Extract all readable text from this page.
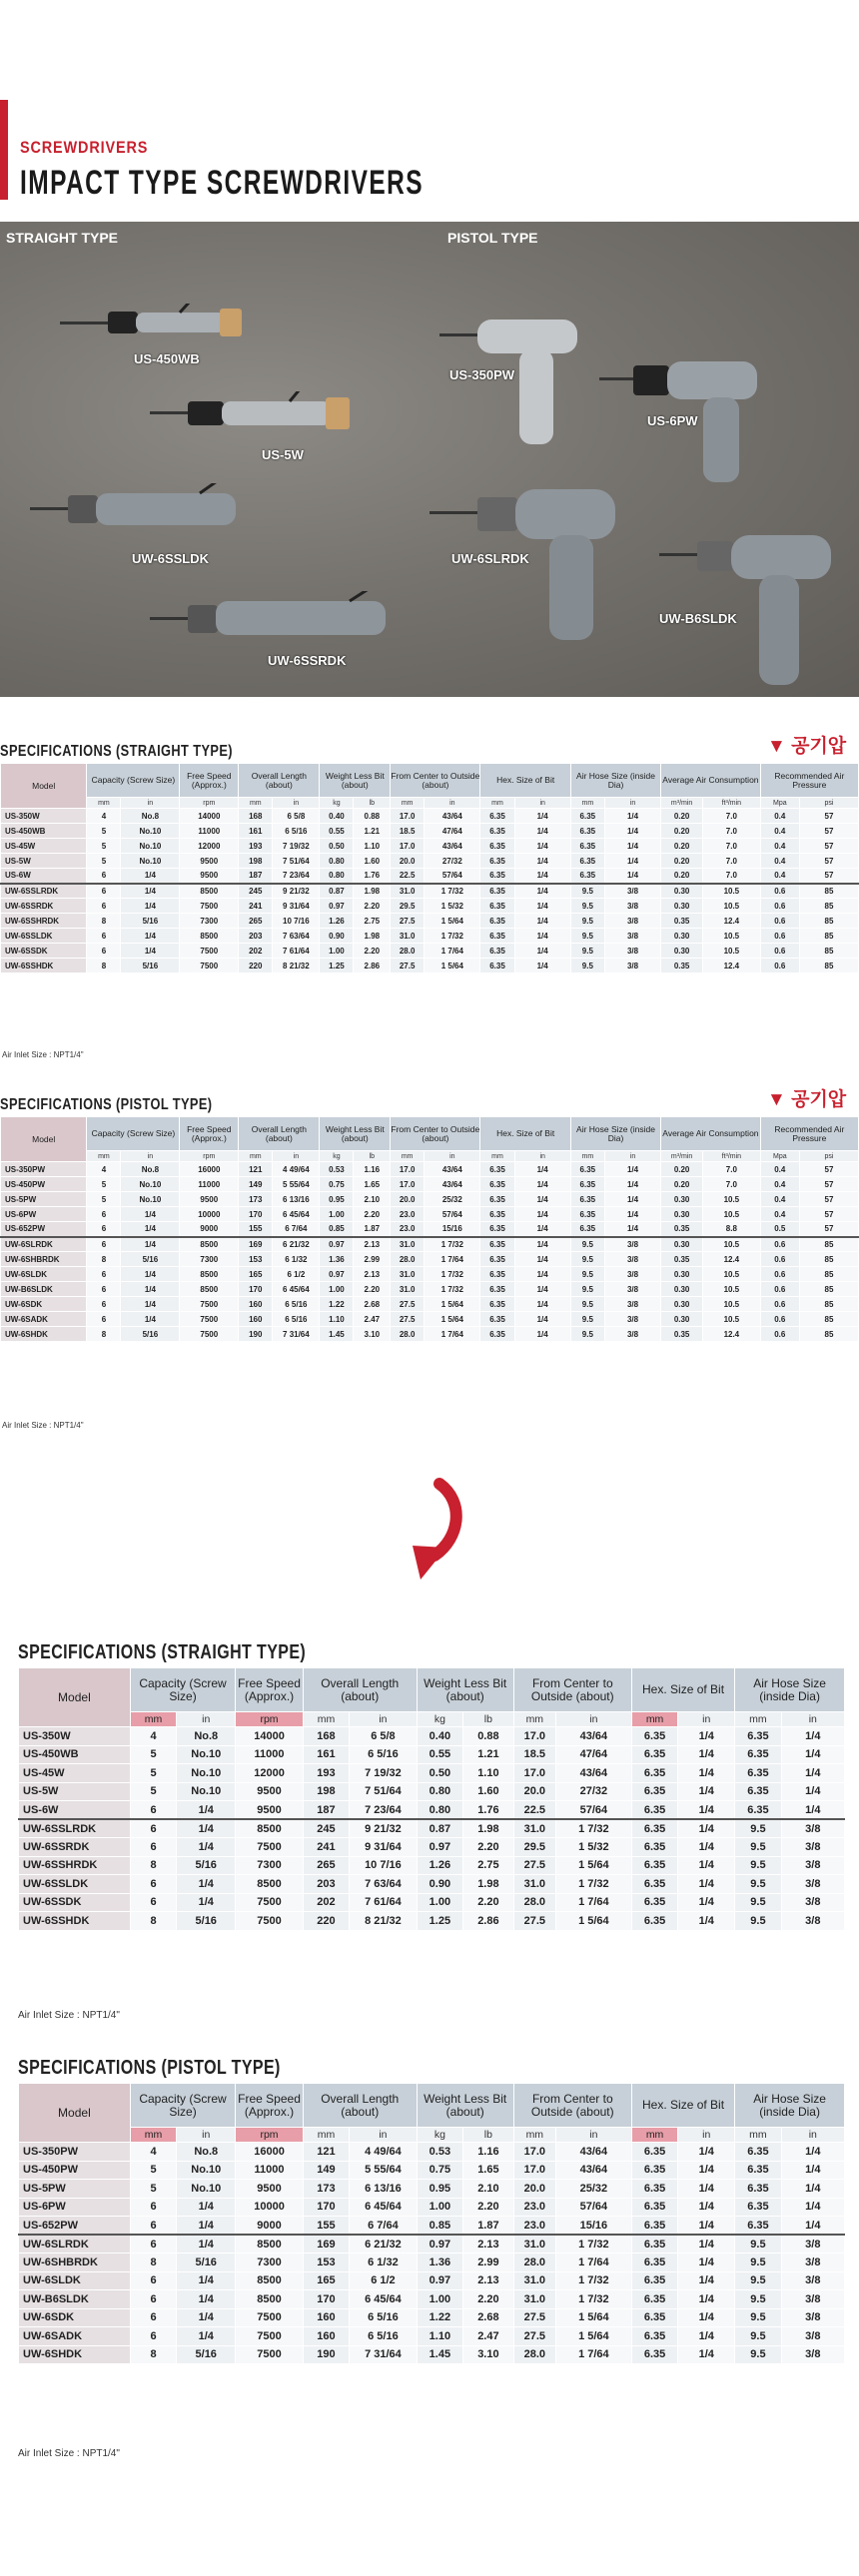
SCREWDRIVERS
IMPACT TYPE SCREWDRIVERS
STRAIGHT TYPE	PISTOL TYPE
US-450WB
US-5W
UW-6SSLDK
UW-6SSRDK
US-350PW
US-6PW
UW-6SLRDK
UW-B6SLDK
SPECIFICATIONS (STRAIGHT TYPE)	▼ 공기압
Model	Capacity (Screw Size)		Free Speed (Approx.)	Overall Length (about)		Weight Less Bit (about)		From Center to Outside (about)		Hex. Size of Bit		Air Hose Size (inside Dia)		Average Air Consumption		Recommended Air Pressure	
	mm	in	rpm	mm	in	kg	lb	mm	in	mm	in	mm	in	m³/min	ft³/min	Mpa	psi
US-350W	4	No.8	14000	168	6 5/8	0.40	0.88	17.0	43/64	6.35	1/4	6.35	1/4	0.20	7.0	0.4	57
US-450WB	5	No.10	11000	161	6 5/16	0.55	1.21	18.5	47/64	6.35	1/4	6.35	1/4	0.20	7.0	0.4	57
US-45W	5	No.10	12000	193	7 19/32	0.50	1.10	17.0	43/64	6.35	1/4	6.35	1/4	0.20	7.0	0.4	57
US-5W	5	No.10	9500	198	7 51/64	0.80	1.60	20.0	27/32	6.35	1/4	6.35	1/4	0.20	7.0	0.4	57
US-6W	6	1/4	9500	187	7 23/64	0.80	1.76	22.5	57/64	6.35	1/4	6.35	1/4	0.20	7.0	0.4	57
UW-6SSLRDK	6	1/4	8500	245	9 21/32	0.87	1.98	31.0	1 7/32	6.35	1/4	9.5	3/8	0.30	10.5	0.6	85
UW-6SSRDK	6	1/4	7500	241	9 31/64	0.97	2.20	29.5	1 5/32	6.35	1/4	9.5	3/8	0.30	10.5	0.6	85
UW-6SSHRDK	8	5/16	7300	265	10 7/16	1.26	2.75	27.5	1 5/64	6.35	1/4	9.5	3/8	0.35	12.4	0.6	85
UW-6SSLDK	6	1/4	8500	203	7 63/64	0.90	1.98	31.0	1 7/32	6.35	1/4	9.5	3/8	0.30	10.5	0.6	85
UW-6SSDK	6	1/4	7500	202	7 61/64	1.00	2.20	28.0	1 7/64	6.35	1/4	9.5	3/8	0.30	10.5	0.6	85
UW-6SSHDK	8	5/16	7500	220	8 21/32	1.25	2.86	27.5	1 5/64	6.35	1/4	9.5	3/8	0.35	12.4	0.6	85
Air Inlet Size : NPT1/4"
SPECIFICATIONS (PISTOL TYPE)	▼ 공기압
Model	Capacity (Screw Size)		Free Speed (Approx.)	Overall Length (about)		Weight Less Bit (about)		From Center to Outside (about)		Hex. Size of Bit		Air Hose Size (inside Dia)		Average Air Consumption		Recommended Air Pressure	
	mm	in	rpm	mm	in	kg	lb	mm	in	mm	in	mm	in	m³/min	ft³/min	Mpa	psi
US-350PW	4	No.8	16000	121	4 49/64	0.53	1.16	17.0	43/64	6.35	1/4	6.35	1/4	0.20	7.0	0.4	57
US-450PW	5	No.10	11000	149	5 55/64	0.75	1.65	17.0	43/64	6.35	1/4	6.35	1/4	0.20	7.0	0.4	57
US-5PW	5	No.10	9500	173	6 13/16	0.95	2.10	20.0	25/32	6.35	1/4	6.35	1/4	0.30	10.5	0.4	57
US-6PW	6	1/4	10000	170	6 45/64	1.00	2.20	23.0	57/64	6.35	1/4	6.35	1/4	0.30	10.5	0.4	57
US-652PW	6	1/4	9000	155	6 7/64	0.85	1.87	23.0	15/16	6.35	1/4	6.35	1/4	0.35	8.8	0.5	57
UW-6SLRDK	6	1/4	8500	169	6 21/32	0.97	2.13	31.0	1 7/32	6.35	1/4	9.5	3/8	0.30	10.5	0.6	85
UW-6SHBRDK	8	5/16	7300	153	6 1/32	1.36	2.99	28.0	1 7/64	6.35	1/4	9.5	3/8	0.35	12.4	0.6	85
UW-6SLDK	6	1/4	8500	165	6 1/2	0.97	2.13	31.0	1 7/32	6.35	1/4	9.5	3/8	0.30	10.5	0.6	85
UW-B6SLDK	6	1/4	8500	170	6 45/64	1.00	2.20	31.0	1 7/32	6.35	1/4	9.5	3/8	0.30	10.5	0.6	85
UW-6SDK	6	1/4	7500	160	6 5/16	1.22	2.68	27.5	1 5/64	6.35	1/4	9.5	3/8	0.30	10.5	0.6	85
UW-6SADK	6	1/4	7500	160	6 5/16	1.10	2.47	27.5	1 5/64	6.35	1/4	9.5	3/8	0.30	10.5	0.6	85
UW-6SHDK	8	5/16	7500	190	7 31/64	1.45	3.10	28.0	1 7/64	6.35	1/4	9.5	3/8	0.35	12.4	0.6	85
Air Inlet Size : NPT1/4"
SPECIFICATIONS (STRAIGHT TYPE)
Model	Capacity (Screw Size)		Free Speed (Approx.)	Overall Length (about)		Weight Less Bit (about)		From Center to Outside (about)		Hex. Size of Bit		Air Hose Size (inside Dia)	
	mm	in	rpm	mm	in	kg	lb	mm	in	mm	in	mm	in
US-350W	4	No.8	14000	168	6 5/8	0.40	0.88	17.0	43/64	6.35	1/4	6.35	1/4
US-450WB	5	No.10	11000	161	6 5/16	0.55	1.21	18.5	47/64	6.35	1/4	6.35	1/4
US-45W	5	No.10	12000	193	7 19/32	0.50	1.10	17.0	43/64	6.35	1/4	6.35	1/4
US-5W	5	No.10	9500	198	7 51/64	0.80	1.60	20.0	27/32	6.35	1/4	6.35	1/4
US-6W	6	1/4	9500	187	7 23/64	0.80	1.76	22.5	57/64	6.35	1/4	6.35	1/4
UW-6SSLRDK	6	1/4	8500	245	9 21/32	0.87	1.98	31.0	1 7/32	6.35	1/4	9.5	3/8
UW-6SSRDK	6	1/4	7500	241	9 31/64	0.97	2.20	29.5	1 5/32	6.35	1/4	9.5	3/8
UW-6SSHRDK	8	5/16	7300	265	10 7/16	1.26	2.75	27.5	1 5/64	6.35	1/4	9.5	3/8
UW-6SSLDK	6	1/4	8500	203	7 63/64	0.90	1.98	31.0	1 7/32	6.35	1/4	9.5	3/8
UW-6SSDK	6	1/4	7500	202	7 61/64	1.00	2.20	28.0	1 7/64	6.35	1/4	9.5	3/8
UW-6SSHDK	8	5/16	7500	220	8 21/32	1.25	2.86	27.5	1 5/64	6.35	1/4	9.5	3/8
Air Inlet Size : NPT1/4"
SPECIFICATIONS (PISTOL TYPE)
Model	Capacity (Screw Size)		Free Speed (Approx.)	Overall Length (about)		Weight Less Bit (about)		From Center to Outside (about)		Hex. Size of Bit		Air Hose Size (inside Dia)	
	mm	in	rpm	mm	in	kg	lb	mm	in	mm	in	mm	in
US-350PW	4	No.8	16000	121	4 49/64	0.53	1.16	17.0	43/64	6.35	1/4	6.35	1/4
US-450PW	5	No.10	11000	149	5 55/64	0.75	1.65	17.0	43/64	6.35	1/4	6.35	1/4
US-5PW	5	No.10	9500	173	6 13/16	0.95	2.10	20.0	25/32	6.35	1/4	6.35	1/4
US-6PW	6	1/4	10000	170	6 45/64	1.00	2.20	23.0	57/64	6.35	1/4	6.35	1/4
US-652PW	6	1/4	9000	155	6 7/64	0.85	1.87	23.0	15/16	6.35	1/4	6.35	1/4
UW-6SLRDK	6	1/4	8500	169	6 21/32	0.97	2.13	31.0	1 7/32	6.35	1/4	9.5	3/8
UW-6SHBRDK	8	5/16	7300	153	6 1/32	1.36	2.99	28.0	1 7/64	6.35	1/4	9.5	3/8
UW-6SLDK	6	1/4	8500	165	6 1/2	0.97	2.13	31.0	1 7/32	6.35	1/4	9.5	3/8
UW-B6SLDK	6	1/4	8500	170	6 45/64	1.00	2.20	31.0	1 7/32	6.35	1/4	9.5	3/8
UW-6SDK	6	1/4	7500	160	6 5/16	1.22	2.68	27.5	1 5/64	6.35	1/4	9.5	3/8
UW-6SADK	6	1/4	7500	160	6 5/16	1.10	2.47	27.5	1 5/64	6.35	1/4	9.5	3/8
UW-6SHDK	8	5/16	7500	190	7 31/64	1.45	3.10	28.0	1 7/64	6.35	1/4	9.5	3/8
Air Inlet Size : NPT1/4"
